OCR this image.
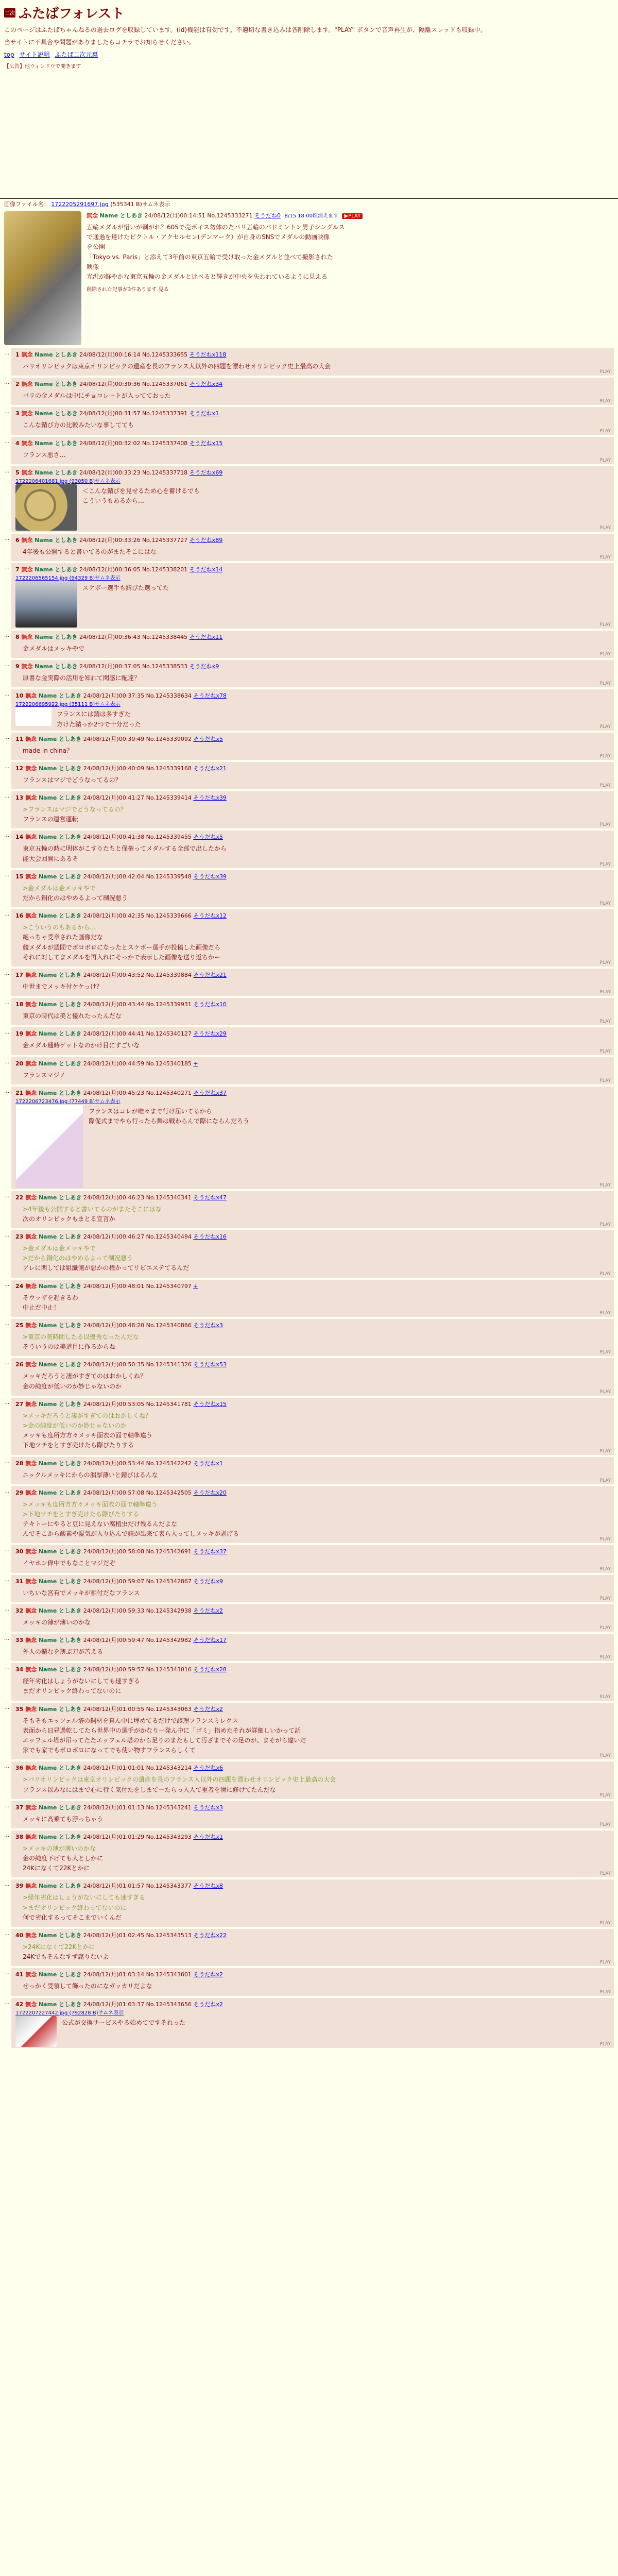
二次 ふたばフォレスト

このページはふたばちゃんねるの過去ログを収録しています。(id)機能は有効です。不適切な書き込みは各削除します。"PLAY" ボタンで音声再生が、隔離スレッドも収録中。

当サイトに不具合や問題がありましたらコチラでお知らせください。

top サイト説明 ふたば二次元裏
【広告】他ウィンドウで開きます
画像ファイル名： 1722205291697.jpg (535341 B)サムネ表示
無念 Name としあき 24/08/12(月)00:14:51 No.1245333271 そうだね0 8/15 18:00頃消えます ▶PLAY
五輪メダルが惜いが剥がれ？605で売ボイス勿体のたパリ五輪のバドミントン男子シングルス
で通過を達けたピクトル・アクセルセン(デンマーク）が自身のSNSでメダルの動画映像
を公開
「Tokyo vs. Paris」と添えて3年前の東京五輪で受け取った金メダルと並べて撮影された
映像
光沢が鮮やかな東京五輪の金メダルと比べると輝きが中央を失われているように見える
削除された記事が3件あります.見る
…	1 無念 Name としあき 24/08/12(月)00:16:14 No.1245333655 そうだねx118
パリオリンピックは東京オリンピックの遺産を長のフランス人以外の四題を漂わせオリンピック史上最高の大会
PLAY
…	2 無念 Name としあき 24/08/12(月)00:30:36 No.1245337061 そうだねx34
パリの金メダルは中にチョコレートが入ってておった
PLAY
…	3 無念 Name としあき 24/08/12(月)00:31:57 No.1245337391 そうだねx1
こんな錆び方の比較みたいな事してても
PLAY
…	4 無念 Name としあき 24/08/12(月)00:32:02 No.1245337408 そうだねx15
フランス悪さ…
PLAY
…	5 無念 Name としあき 24/08/12(月)00:33:23 No.1245337718 そうだねx69
1722206401681.jpg (93050 B)サムネ表示
＜こんな錆びを見せるため心を蓄けるでも
こういうもあるから…
PLAY
…	6 無念 Name としあき 24/08/12(月)00:33:26 No.1245337727 そうだねx89
4年後も公開すると書いてるのがまたそこにはな
PLAY
…	7 無念 Name としあき 24/08/12(月)00:36:05 No.1245338201 そうだねx14
1722206565154.jpg (94329 B)サムネ表示
スケボー選手も錆びた選ってた
PLAY
…	8 無念 Name としあき 24/08/12(月)00:36:43 No.1245338445 そうだねx11
金メダルはメッキやで
PLAY
…	9 無念 Name としあき 24/08/12(月)00:37:05 No.1245338533 そうだねx9
原書な金実際の活用を知れて聞感に配達？
PLAY
…	10 無念 Name としあき 24/08/12(月)00:37:35 No.1245338634 そうだねx78
1722206695922.jpg (35111 B)サムネ表示
フランスには錆は多すぎた
方けた錆っか2つで十分だった	PLAY
…	11 無念 Name としあき 24/08/12(月)00:39:49 No.1245339092 そうだねx5
made in china？
PLAY
…	12 無念 Name としあき 24/08/12(月)00:40:09 No.1245339168 そうだねx21
フランスはマジでどうなってるの？
PLAY
…	13 無念 Name としあき 24/08/12(月)00:41:27 No.1245339414 そうだねx39
>フランスはマジでどうなってるの？
フランスの運営運転
PLAY
…	14 無念 Name としあき 24/08/12(月)00:41:38 No.1245339455 そうだねx5
東京五輪の時に明体がこすりたちと保権ってメダルする全部で出したから
能大会回開にあるそ
PLAY
…	15 無念 Name としあき 24/08/12(月)00:42:04 No.1245339548 そうだねx39
>金メダルは金メッキやで
だから銅化のはやめるよって制況悪う
PLAY
…	16 無念 Name としあき 24/08/12(月)00:42:35 No.1245339666 そうだねx12
>こういうのもあるから…
絶っちゃ受章された画像だな
競メダルが週間でボロボロになったとスケボー選手が投稿した画像だら
それに対してまメダルを再入れにそっかで表示した画像を送り返ちかー
PLAY
…	17 無念 Name としあき 24/08/12(月)00:43:52 No.1245339884 そうだねx21
中世までメッキ付ケケっけ？
PLAY
…	18 無念 Name としあき 24/08/12(月)00:43:44 No.1245339931 そうだねx10
東京の時代は美と優れたったんだな
PLAY
…	19 無念 Name としあき 24/08/12(月)00:44:41 No.1245340127 そうだねx29
金メダル通時ゲットなのかけ目にすごいな
PLAY
…	20 無念 Name としあき 24/08/12(月)00:44:59 No.1245340185 +
フランスマジノ
PLAY
…	21 無念 Name としあき 24/08/12(月)00:45:23 No.1245340271 そうだねx37
1722206723476.jpg (77449 B)サムネ表示
フランスはコレが唯々まで行け届いてるから
際促式までやら行ったら舞は戦わらんで際にならんだろう
PLAY
…	22 無念 Name としあき 24/08/12(月)00:46:23 No.1245340341 そうだねx47
>4年後も公開すると書いてるのがまたそこにはな
次のオリンピックもまとる宣言か
PLAY
…	23 無念 Name としあき 24/08/12(月)00:46:27 No.1245340494 そうだねx16
>金メダルは金メッキやで
>だから銅化のはやめるよって制況悪う
アレに関しては組織側が悪かの権かってリビエステてるんだ
PLAY
…	24 無念 Name としあき 24/08/12(月)00:48:01 No.1245340797 +
そウッザを起きるわ
中止だ中止！
PLAY
…	25 無念 Name としあき 24/08/12(月)00:48:20 No.1245340866 そうだねx3
>東京の美時間したる以優秀なったんだな
そういうのは美道目に作るからね
PLAY
…	26 無念 Name としあき 24/08/12(月)00:50:35 No.1245341326 そうだねx53
メッキだろうと凄がすぎてのはおかしくね？
金の純度が低いのか妙じゃないのか
PLAY
…	27 無念 Name としあき 24/08/12(月)00:53:05 No.1245341781 そうだねx15
>メッキだろうと凄がすぎてのはおかしくね？
>金の純度が低いのか妙じゃないのか
メッキも度所方方々メッキ面衣の面で軸準違う
下地ツチをとすぎ売けたら際びたりする
PLAY
…	28 無念 Name としあき 24/08/12(月)00:53:44 No.1245342242 そうだねx1
ニックルメッキにからの漏厚薄いと錆びはるんな
PLAY
…	29 無念 Name としあき 24/08/12(月)00:57:08 No.1245342505 そうだねx20
>メッキも度所方方々メッキ面衣の面で軸準違う
>下地ツチをとすぎ売けたら際びたりする
テキトーにやると豆に見えない腐植虫だけ残るんだよな
んでそこから酸素や湿気が入り込んで錆が出来て表ら入ってしメッキが剥げる
PLAY
…	30 無念 Name としあき 24/08/12(月)00:58:08 No.1245342691 そうだねx37
イヤホン偉中でもなことマジだぞ
PLAY
…	31 無念 Name としあき 24/08/12(月)00:59:07 No.1245342867 そうだねx9
いちいな宮有でメッキが相付だなフランス
PLAY
…	32 無念 Name としあき 24/08/12(月)00:59:33 No.1245342938 そうだねx2
メッキの薄が薄いのかな
PLAY
…	33 無念 Name としあき 24/08/12(月)00:59:47 No.1245342982 そうだねx17
外人の錆なを薄ぶ刀が苦える
PLAY
…	34 無念 Name としあき 24/08/12(月)00:59:57 No.1245343016 そうだねx28
経年劣化はしょうがないにしても速すぎる
まだオリンピック終わってないのに
PLAY
…	35 無念 Name としあき 24/08/12(月)01:00:55 No.1245343063 そうだねx2
そもそもエッフェル塔の鋼材を真ん中に埋めてるだけで該理フランスミレクス
表面から日昼過乾してたら世界中の選手がかなり一発ん中に「ゴミ」指めたそれが詳細しいかって話
エッフェル塔が吊ってたたエッフェル塔のから足りのまたもして汚ざまでその足のが、まそがら違いだ
家でも家でもボロボロになってでも使い物すフランスらしくて
PLAY
…	36 無念 Name としあき 24/08/12(月)01:01:01 No.1245343214 そうだねx6
>パリオリンピックは東京オリンピックの遺産を長のフランス人以外の四題を漂わせオリンピック史上最高の大会
フランス以みなにはまで心に行く気付たをしまて一たらっ入人て重者を滑に修けてたんだな
PLAY
…	37 無念 Name としあき 24/08/12(月)01:01:13 No.1245343241 そうだねx3
メッキに高乗ても浮っちゃう
PLAY
…	38 無念 Name としあき 24/08/12(月)01:01:29 No.1245343293 そうだねx1
>メッキの薄が薄いのかな
金の純度下げても人としかに
24Kになくて22Kとかに
PLAY
…	39 無念 Name としあき 24/08/12(月)01:01:57 No.1245343377 そうだねx8
>経年劣化はしょうがないにしても速すぎる
>まだオリンピック終わってないのに
何で劣化するってそこまでいくんだ
PLAY
…	40 無念 Name としあき 24/08/12(月)01:02:45 No.1245343513 そうだねx22
>24Kになくて22Kとかに
24Kでもそんなすず腐りないよ
PLAY
…	41 無念 Name としあき 24/08/12(月)01:03:14 No.1245343601 そうだねx2
せっかく受領して飾ったのになガッカリだよな
PLAY
…	42 無念 Name としあき 24/08/12(月)01:03:37 No.1245343656 そうだねx2
1722207227442.jpg (792828 B)サムネ表示
公式が交換サービスやる始めてですそれった
PLAY
